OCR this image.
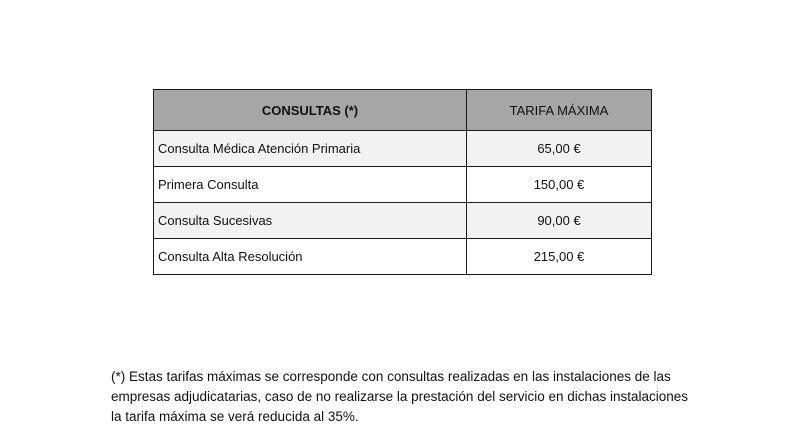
CONSULTAS (*)	TARIFA MÁXIMA
Consulta Médica Atención Primaria	65,00 €
Primera Consulta	150,00 €
Consulta Sucesivas	90,00 €
Consulta Alta Resolución	215,00 €

(*) Estas tarifas máximas se corresponde con consultas realizadas en las instalaciones de las
empresas adjudicatarias, caso de no realizarse la prestación del servicio en dichas instalaciones
la tarifa máxima se verá reducida al 35%.
